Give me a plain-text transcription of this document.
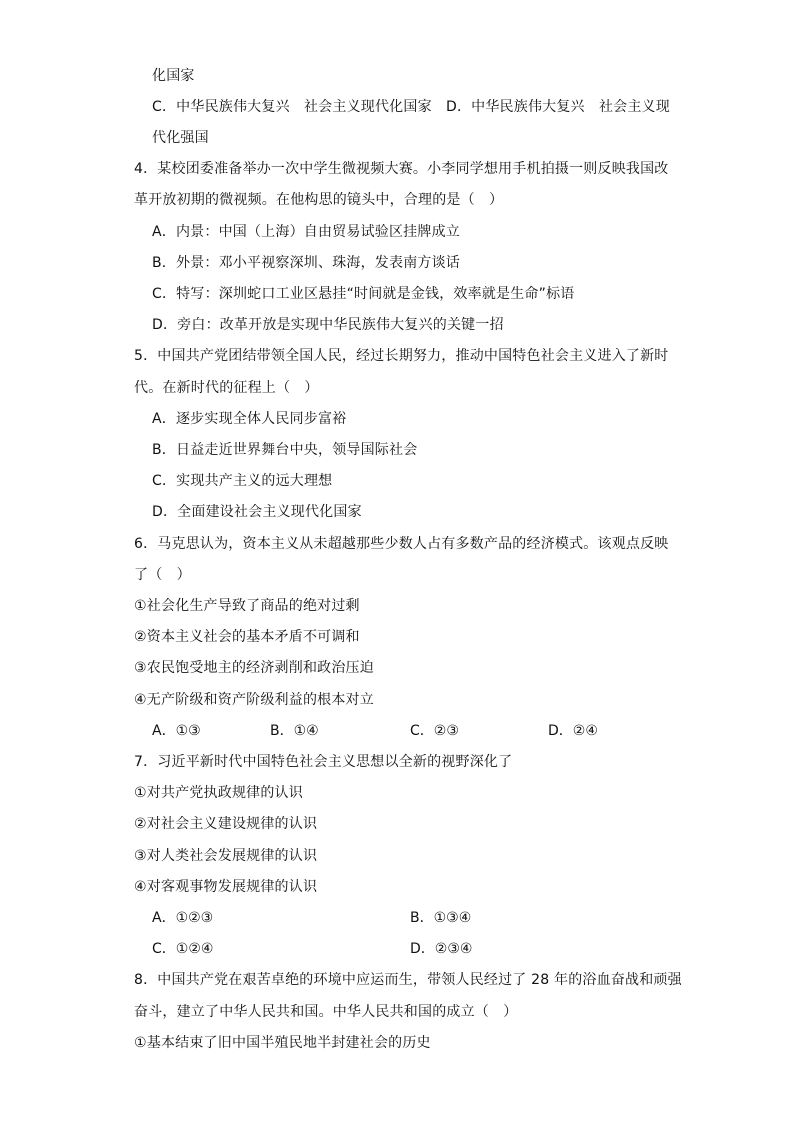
化国家
C．中华民族伟大复兴　社会主义现代化国家　D．中华民族伟大复兴　社会主义现
代化强国
4．某校团委准备举办一次中学生微视频大赛。小李同学想用手机拍摄一则反映我国改
革开放初期的微视频。在他构思的镜头中，合理的是（　）
A．内景：中国（上海）自由贸易试验区挂牌成立
B．外景：邓小平视察深圳、珠海，发表南方谈话
C．特写：深圳蛇口工业区悬挂“时间就是金钱，效率就是生命”标语
D．旁白：改革开放是实现中华民族伟大复兴的关键一招
5．中国共产党团结带领全国人民，经过长期努力，推动中国特色社会主义进入了新时
代。在新时代的征程上（　）
A．逐步实现全体人民同步富裕
B．日益走近世界舞台中央，领导国际社会
C．实现共产主义的远大理想
D．全面建设社会主义现代化国家
6．马克思认为，资本主义从未超越那些少数人占有多数产品的经济模式。该观点反映
了（　）
①社会化生产导致了商品的绝对过剩
②资本主义社会的基本矛盾不可调和
③农民饱受地主的经济剥削和政治压迫
④无产阶级和资产阶级利益的根本对立
A．①③	B．①④	C．②③	D．②④
7．习近平新时代中国特色社会主义思想以全新的视野深化了
①对共产党执政规律的认识
②对社会主义建设规律的认识
③对人类社会发展规律的认识
④对客观事物发展规律的认识
A．①②③	B．①③④
C．①②④	D．②③④
8．中国共产党在艰苦卓绝的环境中应运而生，带领人民经过了 28 年的浴血奋战和顽强
奋斗，建立了中华人民共和国。中华人民共和国的成立（　）
①基本结束了旧中国半殖民地半封建社会的历史
